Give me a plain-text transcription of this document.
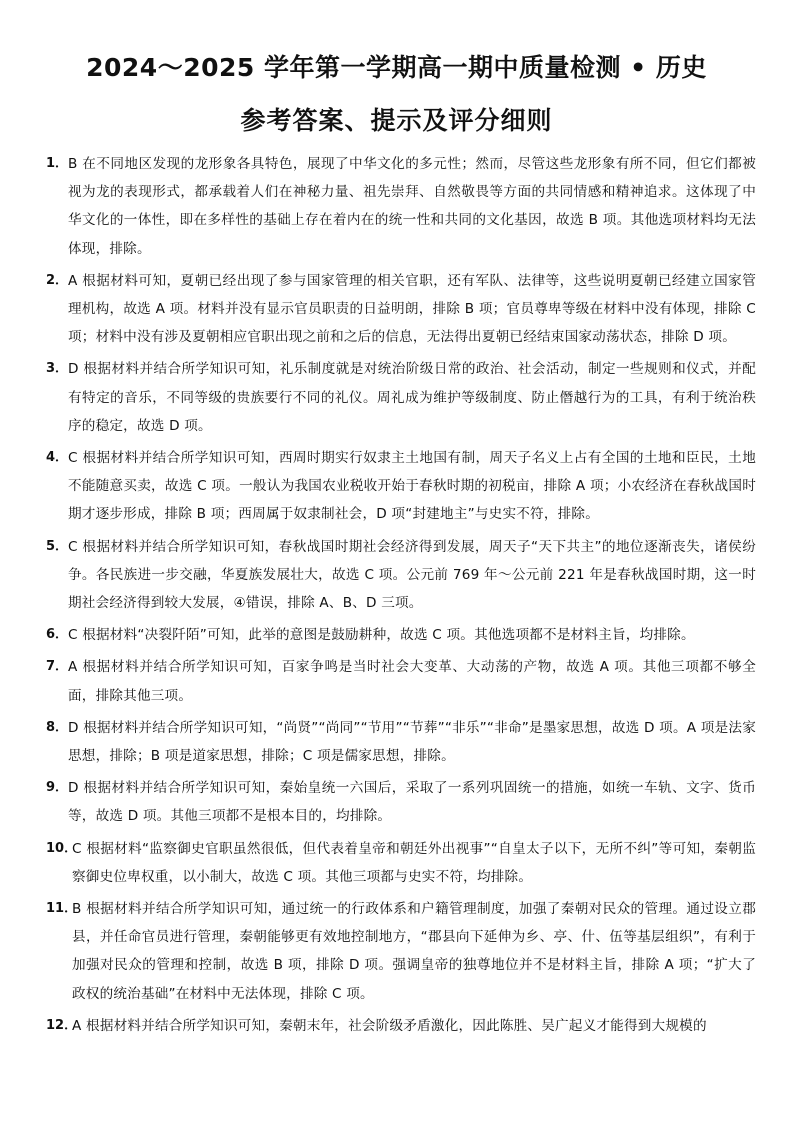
2024～2025 学年第一学期高一期中质量检测 • 历史
参考答案、提示及评分细则
1． B 在不同地区发现的龙形象各具特色，展现了中华文化的多元性；然而，尽管这些龙形象有所不同，但它们都被视为龙的表现形式，都承载着人们在神秘力量、祖先崇拜、自然敬畏等方面的共同情感和精神追求。这体现了中华文化的一体性，即在多样性的基础上存在着内在的统一性和共同的文化基因，故选 B 项。其他选项材料均无法体现，排除。
2． A 根据材料可知，夏朝已经出现了参与国家管理的相关官职，还有军队、法律等，这些说明夏朝已经建立国家管理机构，故选 A 项。材料并没有显示官员职责的日益明朗，排除 B 项；官员尊卑等级在材料中没有体现，排除 C 项；材料中没有涉及夏朝相应官职出现之前和之后的信息，无法得出夏朝已经结束国家动荡状态，排除 D 项。
3． D 根据材料并结合所学知识可知，礼乐制度就是对统治阶级日常的政治、社会活动，制定一些规则和仪式，并配有特定的音乐，不同等级的贵族要行不同的礼仪。周礼成为维护等级制度、防止僭越行为的工具，有利于统治秩序的稳定，故选 D 项。
4． C 根据材料并结合所学知识可知，西周时期实行奴隶主土地国有制，周天子名义上占有全国的土地和臣民，土地不能随意买卖，故选 C 项。一般认为我国农业税收开始于春秋时期的初税亩，排除 A 项；小农经济在春秋战国时期才逐步形成，排除 B 项；西周属于奴隶制社会，D 项“封建地主”与史实不符，排除。
5． C 根据材料并结合所学知识可知，春秋战国时期社会经济得到发展，周天子“天下共主”的地位逐渐丧失，诸侯纷争。各民族进一步交融，华夏族发展壮大，故选 C 项。公元前 769 年～公元前 221 年是春秋战国时期，这一时期社会经济得到较大发展，④错误，排除 A、B、D 三项。
6． C 根据材料“决裂阡陌”可知，此举的意图是鼓励耕种，故选 C 项。其他选项都不是材料主旨，均排除。
7． A 根据材料并结合所学知识可知，百家争鸣是当时社会大变革、大动荡的产物，故选 A 项。其他三项都不够全面，排除其他三项。
8． D 根据材料并结合所学知识可知，“尚贤”“尚同”“节用”“节葬”“非乐”“非命”是墨家思想，故选 D 项。A 项是法家思想，排除；B 项是道家思想，排除；C 项是儒家思想，排除。
9． D 根据材料并结合所学知识可知，秦始皇统一六国后，采取了一系列巩固统一的措施，如统一车轨、文字、货币等，故选 D 项。其他三项都不是根本目的，均排除。
10．
C 根据材料“监察御史官职虽然很低，但代表着皇帝和朝廷外出视事”“自皇太子以下，无所不纠”等可知，秦朝监察御史位卑权重，以小制大，故选 C 项。其他三项都与史实不符，均排除。
11．
B 根据材料并结合所学知识可知，通过统一的行政体系和户籍管理制度，加强了秦朝对民众的管理。通过设立郡县，并任命官员进行管理，秦朝能够更有效地控制地方，“郡县向下延伸为乡、亭、什、伍等基层组织”，有利于加强对民众的管理和控制，故选 B 项，排除 D 项。强调皇帝的独尊地位并不是材料主旨，排除 A 项；“扩大了政权的统治基础”在材料中无法体现，排除 C 项。
12．
A 根据材料并结合所学知识可知，秦朝末年，社会阶级矛盾激化，因此陈胜、吴广起义才能得到大规模的
